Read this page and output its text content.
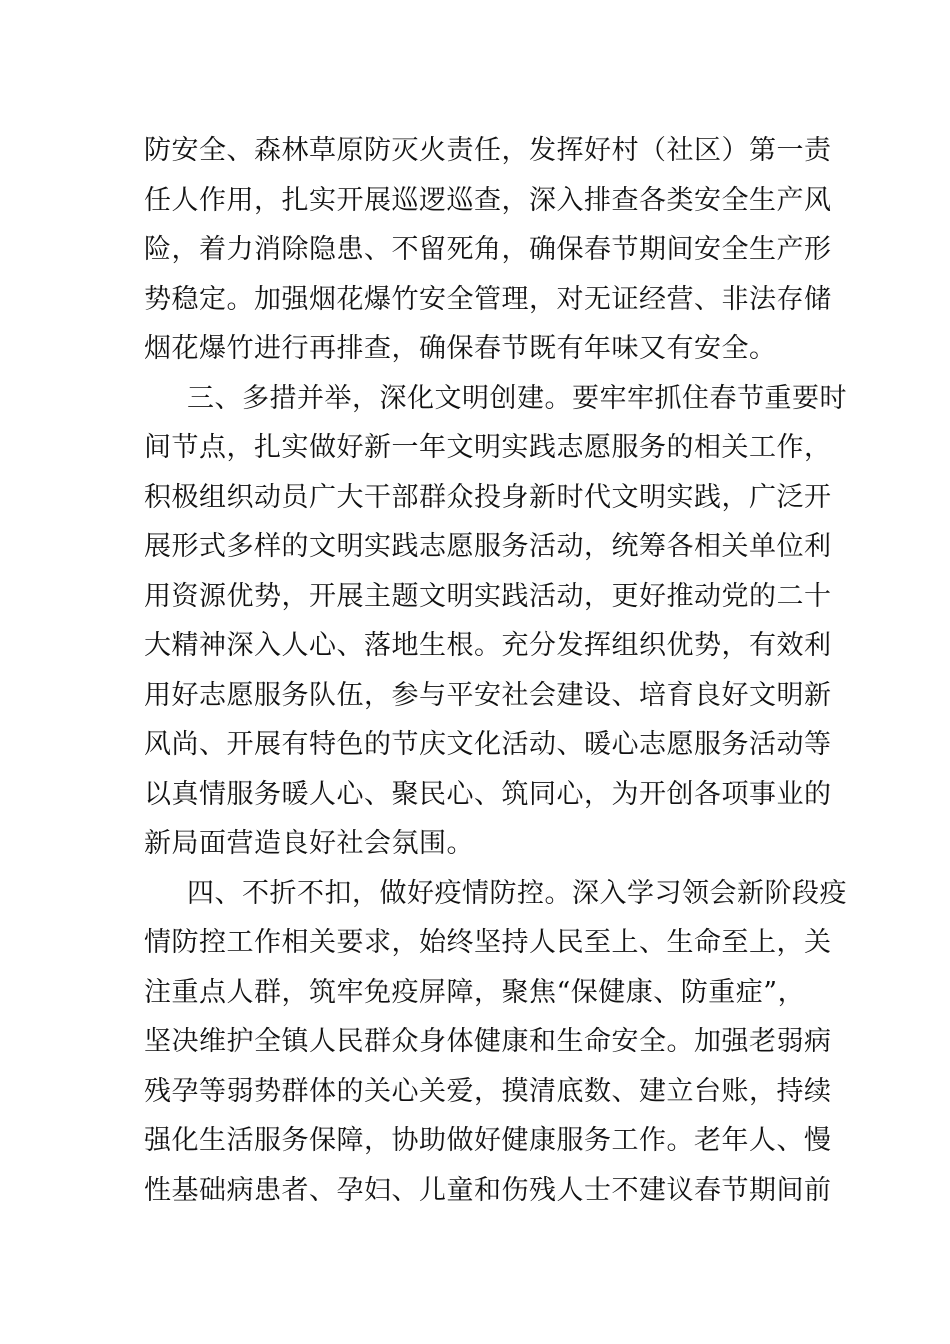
防安全、森林草原防灭火责任，发挥好村（社区）第一责
任人作用，扎实开展巡逻巡查，深入排查各类安全生产风
险，着力消除隐患、不留死角，确保春节期间安全生产形
势稳定。加强烟花爆竹安全管理，对无证经营、非法存储
烟花爆竹进行再排查，确保春节既有年味又有安全。
三、多措并举，深化文明创建。要牢牢抓住春节重要时
间节点，扎实做好新一年文明实践志愿服务的相关工作，
积极组织动员广大干部群众投身新时代文明实践，广泛开
展形式多样的文明实践志愿服务活动，统筹各相关单位利
用资源优势，开展主题文明实践活动，更好推动党的二十
大精神深入人心、落地生根。充分发挥组织优势，有效利
用好志愿服务队伍，参与平安社会建设、培育良好文明新
风尚、开展有特色的节庆文化活动、暖心志愿服务活动等
以真情服务暖人心、聚民心、筑同心，为开创各项事业的
新局面营造良好社会氛围。
四、不折不扣，做好疫情防控。深入学习领会新阶段疫
情防控工作相关要求，始终坚持人民至上、生命至上，关
注重点人群，筑牢免疫屏障，聚焦“保健康、防重症”，
坚决维护全镇人民群众身体健康和生命安全。加强老弱病
残孕等弱势群体的关心关爱，摸清底数、建立台账，持续
强化生活服务保障，协助做好健康服务工作。老年人、慢
性基础病患者、孕妇、儿童和伤残人士不建议春节期间前
